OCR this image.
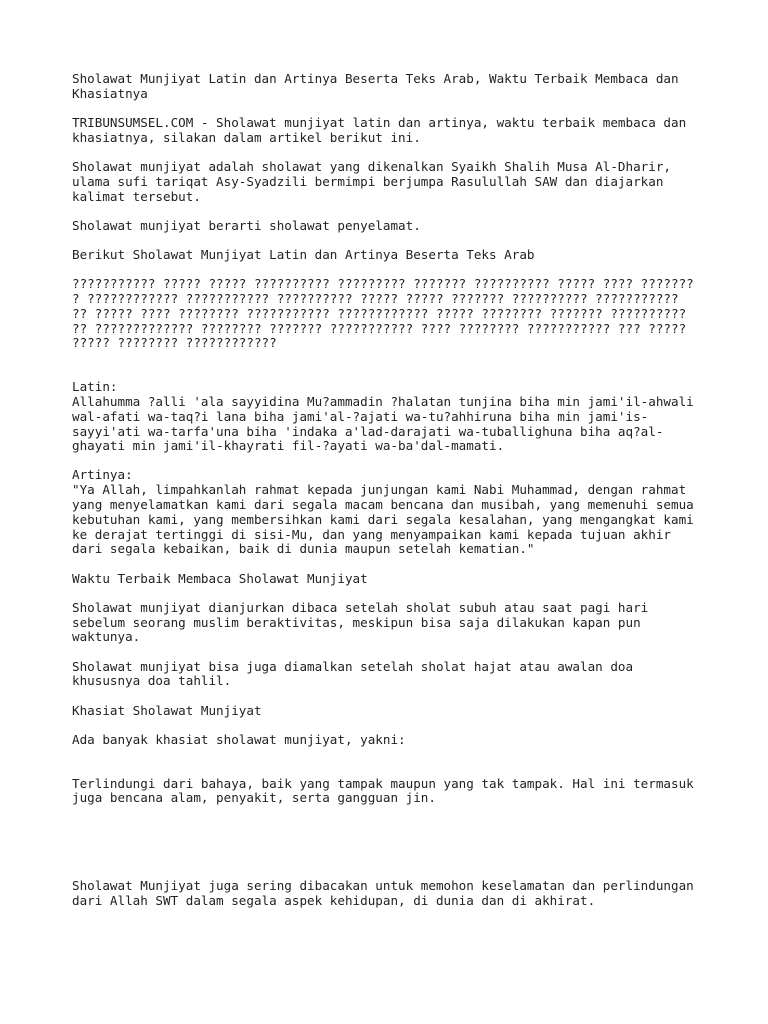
Sholawat Munjiyat Latin dan Artinya Beserta Teks Arab, Waktu Terbaik Membaca dan
Khasiatnya
TRIBUNSUMSEL.COM - Sholawat munjiyat latin dan artinya, waktu terbaik membaca dan
khasiatnya, silakan dalam artikel berikut ini.
Sholawat munjiyat adalah sholawat yang dikenalkan Syaikh Shalih Musa Al-Dharir,
ulama sufi tariqat Asy-Syadzili bermimpi berjumpa Rasulullah SAW dan diajarkan
kalimat tersebut.
Sholawat munjiyat berarti sholawat penyelamat.
Berikut Sholawat Munjiyat Latin dan Artinya Beserta Teks Arab
??????????? ????? ????? ?????????? ????????? ??????? ?????????? ????? ???? ???????
? ???????????? ??????????? ?????????? ????? ????? ??????? ?????????? ???????????
?? ????? ???? ???????? ??????????? ???????????? ????? ???????? ??????? ??????????
?? ????????????? ???????? ??????? ??????????? ???? ???????? ??????????? ??? ?????
????? ???????? ????????????
Latin:
Allahumma ?alli 'ala sayyidina Mu?ammadin ?halatan tunjina biha min jami'il-ahwali
wal-afati wa-taq?i lana biha jami'al-?ajati wa-tu?ahhiruna biha min jami'is-
sayyi'ati wa-tarfa'una biha 'indaka a'lad-darajati wa-tuballighuna biha aq?al-
ghayati min jami'il-khayrati fil-?ayati wa-ba'dal-mamati.
Artinya:
"Ya Allah, limpahkanlah rahmat kepada junjungan kami Nabi Muhammad, dengan rahmat
yang menyelamatkan kami dari segala macam bencana dan musibah, yang memenuhi semua
kebutuhan kami, yang membersihkan kami dari segala kesalahan, yang mengangkat kami
ke derajat tertinggi di sisi-Mu, dan yang menyampaikan kami kepada tujuan akhir
dari segala kebaikan, baik di dunia maupun setelah kematian."
Waktu Terbaik Membaca Sholawat Munjiyat
Sholawat munjiyat dianjurkan dibaca setelah sholat subuh atau saat pagi hari
sebelum seorang muslim beraktivitas, meskipun bisa saja dilakukan kapan pun
waktunya.
Sholawat munjiyat bisa juga diamalkan setelah sholat hajat atau awalan doa
khususnya doa tahlil.
Khasiat Sholawat Munjiyat
Ada banyak khasiat sholawat munjiyat, yakni:
Terlindungi dari bahaya, baik yang tampak maupun yang tak tampak. Hal ini termasuk
juga bencana alam, penyakit, serta gangguan jin.
Sholawat Munjiyat juga sering dibacakan untuk memohon keselamatan dan perlindungan
dari Allah SWT dalam segala aspek kehidupan, di dunia dan di akhirat.
